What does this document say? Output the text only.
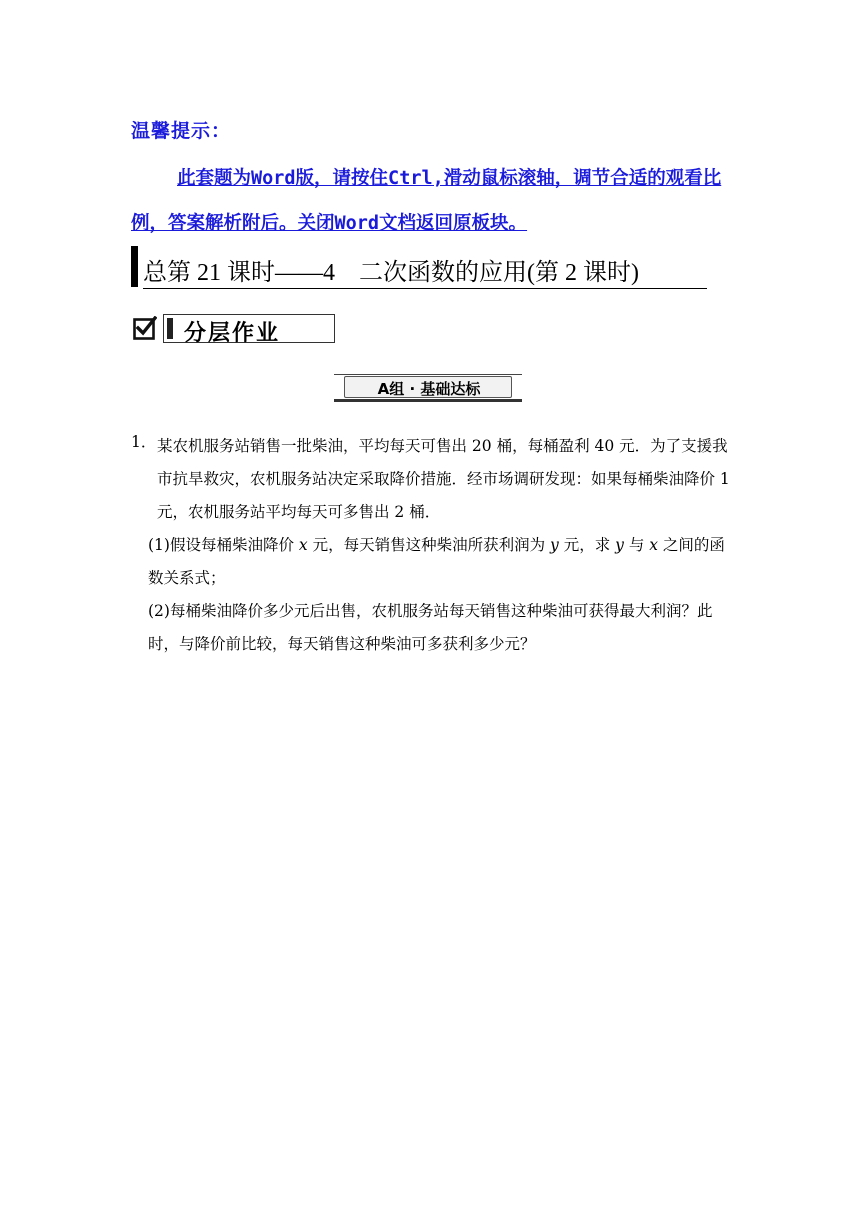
温馨提示：
此套题为Word版，请按住Ctrl,滑动鼠标滚轴，调节合适的观看比例，答案解析附后。关闭Word文档返回原板块。
总第 21 课时——4　二次函数的应用(第 2 课时)
分层作业
A组 · 基础达标
1． 某农机服务站销售一批柴油，平均每天可售出 20 桶，每桶盈利 40 元．为了支援我市抗旱救灾，农机服务站决定采取降价措施．经市场调研发现：如果每桶柴油降价 1 元，农机服务站平均每天可多售出 2 桶．
(1)假设每桶柴油降价 x 元，每天销售这种柴油所获利润为 y 元，求 y 与 x 之间的函数关系式；
(2)每桶柴油降价多少元后出售，农机服务站每天销售这种柴油可获得最大利润？此时，与降价前比较，每天销售这种柴油可多获利多少元？
